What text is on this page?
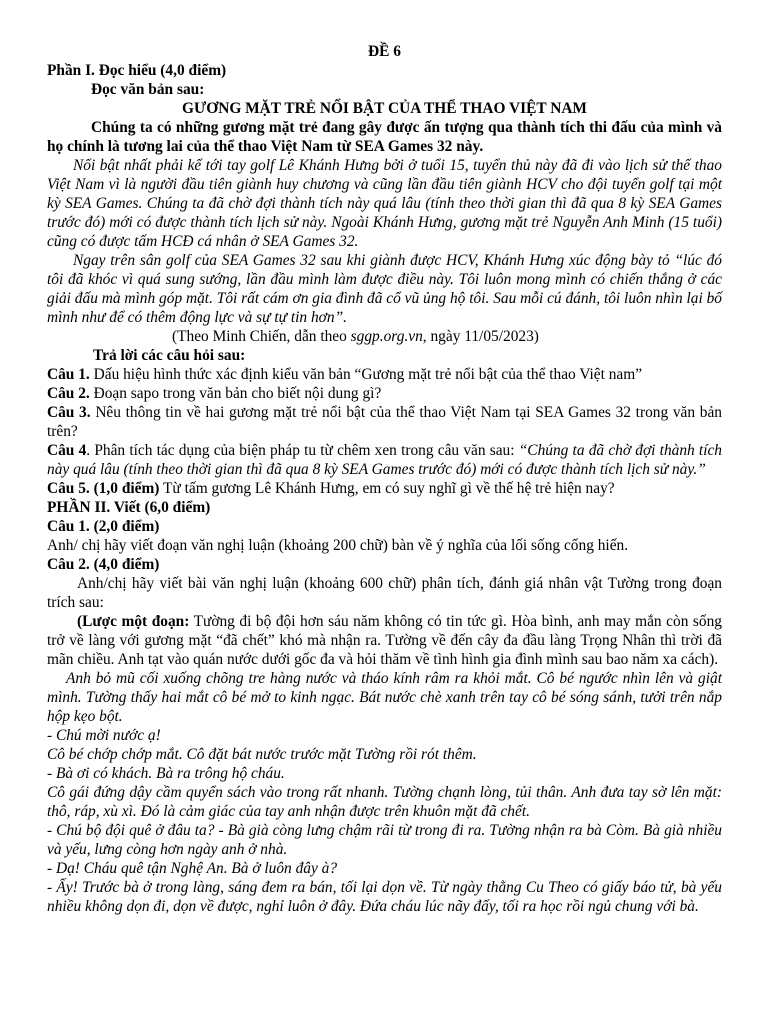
ĐỀ 6

Phần I. Đọc hiểu (4,0 điểm)

Đọc văn bản sau:

GƯƠNG MẶT TRẺ NỔI BẬT CỦA THỂ THAO VIỆT NAM

Chúng ta có những gương mặt trẻ đang gây được ấn tượng qua thành tích thi đấu của mình và họ chính là tương lai của thể thao Việt Nam từ SEA Games 32 này.

Nổi bật nhất phải kể tới tay golf Lê Khánh Hưng bởi ở tuổi 15, tuyển thủ này đã đi vào lịch sử thể thao Việt Nam vì là người đầu tiên giành huy chương và cũng lần đầu tiên giành HCV cho đội tuyển golf tại một kỳ SEA Games. Chúng ta đã chờ đợi thành tích này quá lâu (tính theo thời gian thì đã qua 8 kỳ SEA Games trước đó) mới có được thành tích lịch sử này. Ngoài Khánh Hưng, gương mặt trẻ Nguyễn Anh Minh (15 tuổi) cũng có được tấm HCĐ cá nhân ở SEA Games 32.

Ngay trên sân golf của SEA Games 32 sau khi giành được HCV, Khánh Hưng xúc động bày tỏ “lúc đó tôi đã khóc vì quá sung sướng, lần đầu mình làm được điều này. Tôi luôn mong mình có chiến thắng ở các giải đấu mà mình góp mặt. Tôi rất cám ơn gia đình đã cổ vũ ủng hộ tôi. Sau mỗi cú đánh, tôi luôn nhìn lại bố mình như để có thêm động lực và sự tự tin hơn”.

(Theo Minh Chiến, dẫn theo sggp.org.vn, ngày 11/05/2023)

Trả lời các câu hỏi sau:

Câu 1. Dấu hiệu hình thức xác định kiểu văn bản “Gương mặt trẻ nổi bật của thể thao Việt nam”

Câu 2. Đoạn sapo trong văn bản cho biết nội dung gì?

Câu 3. Nêu thông tin về hai gương mặt trẻ nổi bật của thể thao Việt Nam tại SEA Games 32 trong văn bản trên?

Câu 4. Phân tích tác dụng của biện pháp tu từ chêm xen trong câu văn sau: “Chúng ta đã chờ đợi thành tích này quá lâu (tính theo thời gian thì đã qua 8 kỳ SEA Games trước đó) mới có được thành tích lịch sử này.”

Câu 5. (1,0 điểm) Từ tấm gương Lê Khánh Hưng, em có suy nghĩ gì về thế hệ trẻ hiện nay?

PHẦN II. Viết (6,0 điểm)

Câu 1. (2,0 điểm)

Anh/ chị hãy viết đoạn văn nghị luận (khoảng 200 chữ) bàn về ý nghĩa của lối sống cống hiến.

Câu 2. (4,0 điểm)

Anh/chị hãy viết bài văn nghị luận (khoảng 600 chữ) phân tích, đánh giá nhân vật Tường trong đoạn trích sau:

(Lược một đoạn: Tường đi bộ đội hơn sáu năm không có tin tức gì. Hòa bình, anh may mắn còn sống trở về làng với gương mặt “đã chết” khó mà nhận ra. Tường về đến cây đa đầu làng Trọng Nhân thì trời đã mãn chiều. Anh tạt vào quán nước dưới gốc đa và hỏi thăm về tình hình gia đình mình sau bao năm xa cách).

Anh bỏ mũ cối xuống chõng tre hàng nước và tháo kính râm ra khỏi mắt. Cô bé ngước nhìn lên và giật mình. Tường thấy hai mắt cô bé mở to kinh ngạc. Bát nước chè xanh trên tay cô bé sóng sánh, tưởi trên nắp hộp kẹo bột.

- Chú mời nước ạ!

Cô bé chớp chớp mắt. Cô đặt bát nước trước mặt Tường rồi rót thêm.

- Bà ơi có khách. Bà ra trông hộ cháu.

Cô gái đứng dậy cầm quyển sách vào trong rất nhanh. Tường chạnh lòng, tủi thân. Anh đưa tay sờ lên mặt: thô, ráp, xù xì. Đó là cảm giác của tay anh nhận được trên khuôn mặt đã chết.

- Chú bộ đội quê ở đâu ta? - Bà già còng lưng chậm rãi từ trong đi ra. Tường nhận ra bà Còm. Bà già nhiều và yếu, lưng còng hơn ngày anh ở nhà.

- Dạ! Cháu quê tận Nghệ An. Bà ở luôn đây à?

- Ấy! Trước bà ở trong làng, sáng đem ra bán, tối lại dọn về. Từ ngày thằng Cu Theo có giấy báo tử, bà yếu nhiều không dọn đi, dọn về được, nghỉ luôn ở đây. Đứa cháu lúc nãy đấy, tối ra học rồi ngủ chung với bà.
